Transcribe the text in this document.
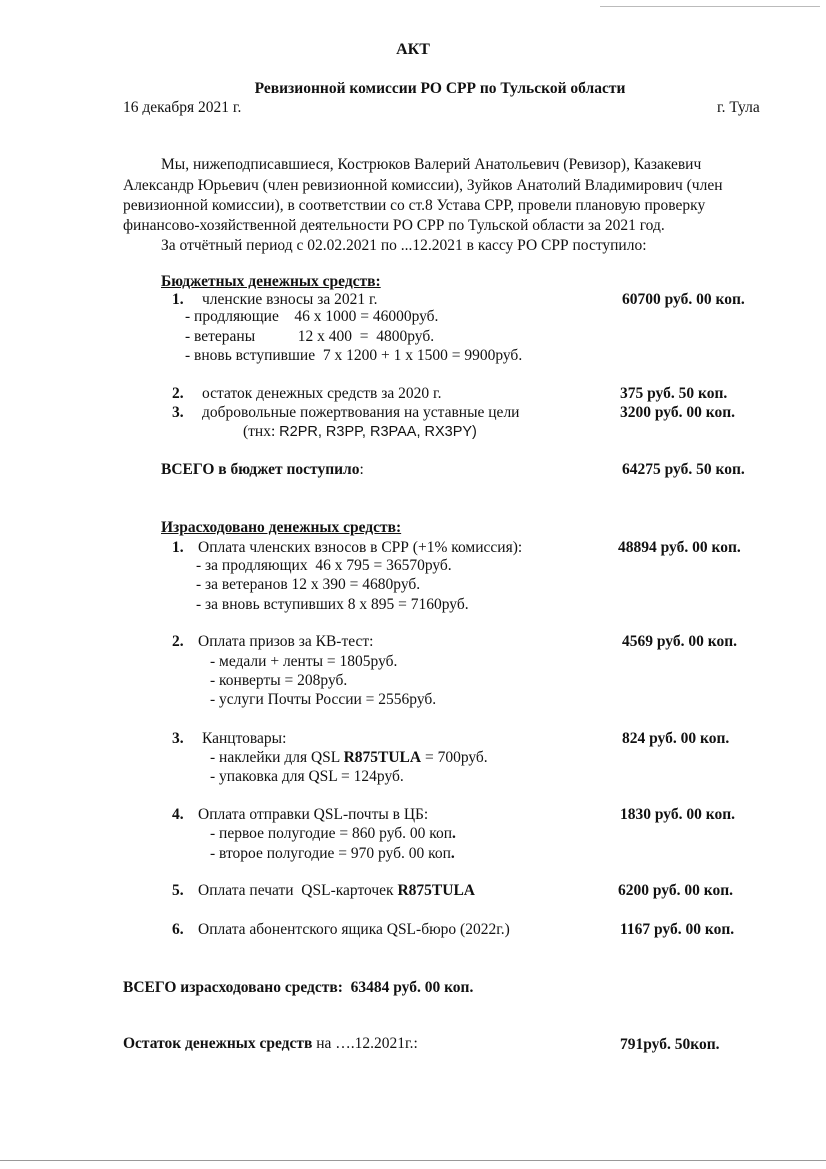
АКТ
Ревизионной комиссии РО СРР по Тульской области
16 декабря 2021 г.	г. Тула
Мы, нижеподписавшиеся, Кострюков Валерий Анатольевич (Ревизор), Казакевич
Александр Юрьевич (член ревизионной комиссии), Зуйков Анатолий Владимирович (член
ревизионной комиссии), в соответствии со ст.8 Устава СРР, провели плановую проверку
финансово-хозяйственной деятельности РО СРР по Тульской области за 2021 год.
За отчётный период с 02.02.2021 по ...12.2021 в кассу РО СРР поступило:
Бюджетных денежных средств:
1. членские взносы за 2021 г.	60700 руб. 00 коп.
- продляющие    46 х 1000 = 46000руб.
- ветераны           12 х 400  =  4800руб.
- вновь вступившие  7 х 1200 + 1 х 1500 = 9900руб.
2. остаток денежных средств за 2020 г.	375 руб. 50 коп.
3. добровольные пожертвования на уставные цели	3200 руб. 00 коп.
(тнх: R2PR, R3PP, R3PAA, RX3PY)
ВСЕГО в бюджет поступило:	64275 руб. 50 коп.
Израсходовано денежных средств:
1. Оплата членских взносов в СРР (+1% комиссия):	48894 руб. 00 коп.
- за продляющих  46 х 795 = 36570руб.
- за ветеранов 12 х 390 = 4680руб.
- за вновь вступивших 8 х 895 = 7160руб.
2. Оплата призов за КВ-тест:	4569 руб. 00 коп.
- медали + ленты = 1805руб.
- конверты = 208руб.
- услуги Почты России = 2556руб.
3. Канцтовары:	824 руб. 00 коп.
- наклейки для QSL R875TULA = 700руб.
- упаковка для QSL = 124руб.
4. Оплата отправки QSL-почты в ЦБ:	1830 руб. 00 коп.
- первое полугодие = 860 руб. 00 коп.
- второе полугодие = 970 руб. 00 коп.
5. Оплата печати  QSL-карточек R875TULA	6200 руб. 00 коп.
6. Оплата абонентского ящика QSL-бюро (2022г.)	1167 руб. 00 коп.
ВСЕГО израсходовано средств:  63484 руб. 00 коп.
Остаток денежных средств на ….12.2021г.:	791руб. 50коп.
